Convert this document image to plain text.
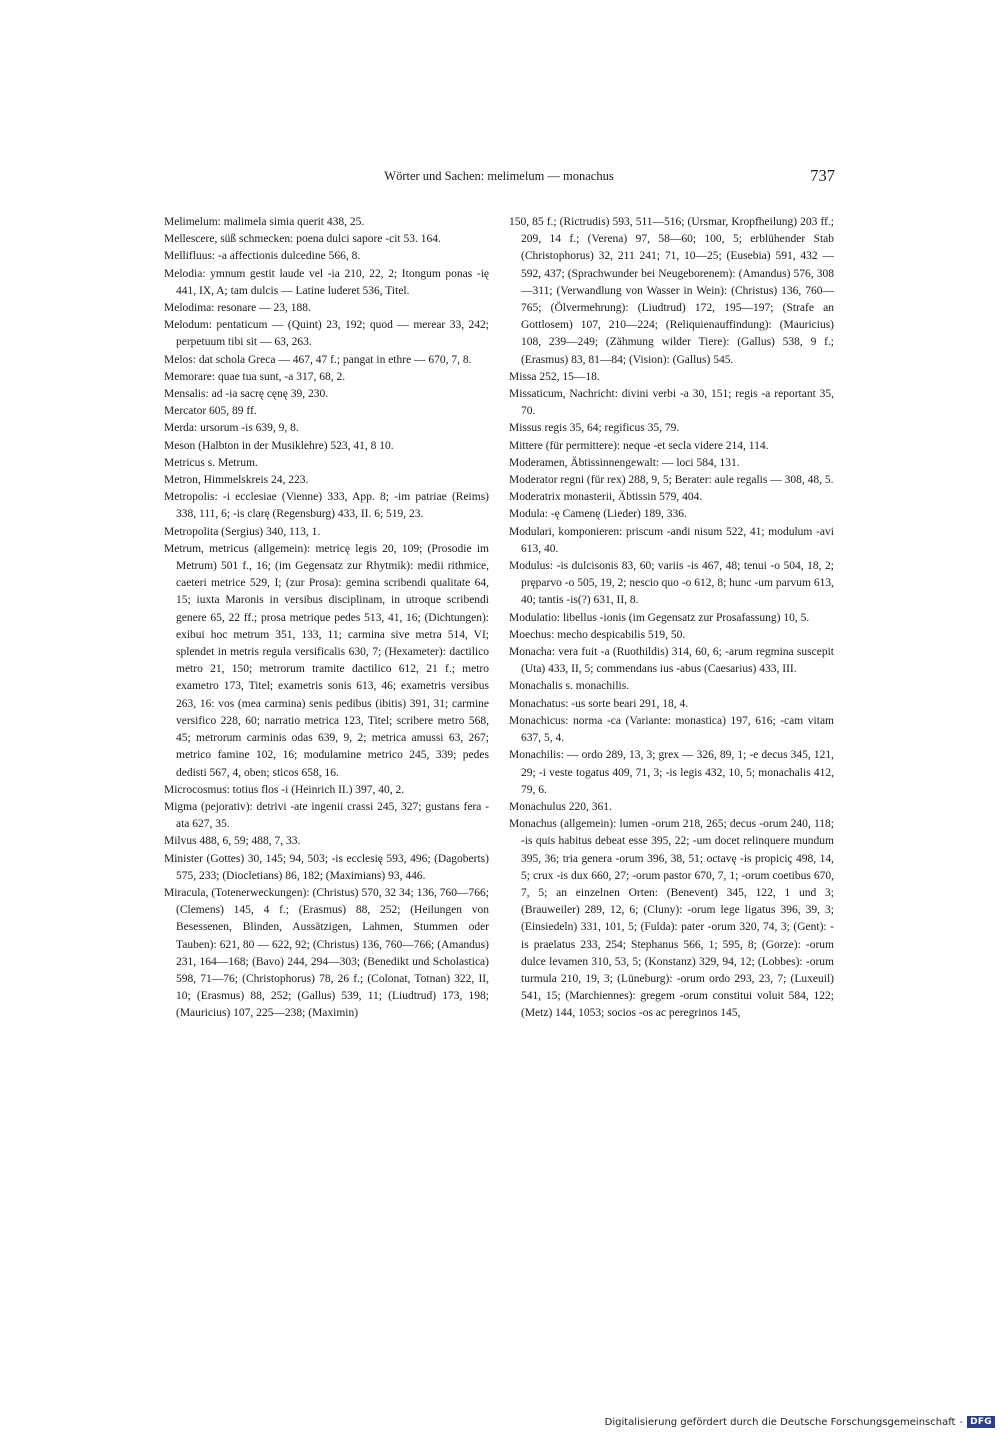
Wörter und Sachen: melimelum — monachus	737

Melimelum: malimela simia querit 438, 25.

Mellescere, süß schmecken: poena dulci sapore -cit 53. 164.

Mellifluus: -a affectionis dulcedine 566, 8.

Melodia: ymnum gestit laude vel -ia 210, 22, 2; Itongum ponas -ię 441, IX, A; tam dulcis — Latine luderet 536, Titel.

Melodima: resonare — 23, 188.

Melodum: pentaticum — (Quint) 23, 192; quod — merear 33, 242; perpetuum tibi sit — 63, 263.

Melos: dat schola Greca — 467, 47 f.; pangat in ethre — 670, 7, 8.

Memorare: quae tua sunt, -a 317, 68, 2.

Mensalis: ad -ia sacrę cęnę 39, 230.

Mercator 605, 89 ff.

Merda: ursorum -is 639, 9, 8.

Meson (Halbton in der Musiklehre) 523, 41, 8 10.

Metricus s. Metrum.

Metron, Himmelskreis 24, 223.

Metropolis: -i ecclesiae (Vienne) 333, App. 8; -im patriae (Reims) 338, 111, 6; -is clarę (Regensburg) 433, II. 6; 519, 23.

Metropolita (Sergius) 340, 113, 1.

Metrum, metricus (allgemein): metricę legis 20, 109; (Prosodie im Metrum) 501 f., 16; (im Gegensatz zur Rhytmik): medii rithmice, caeteri metrice 529, I; (zur Prosa): gemina scribendi qualitate 64, 15; iuxta Maronis in versibus disciplinam, in utroque scribendi genere 65, 22 ff.; prosa metrique pedes 513, 41, 16; (Dichtungen): exibui hoc metrum 351, 133, 11; carmina sive metra 514, VI; splendet in metris regula versificalis 630, 7; (Hexameter): dactilico metro 21, 150; metrorum tramite dactilico 612, 21 f.; metro exametro 173, Titel; exametris sonis 613, 46; exametris versibus 263, 16: vos (mea carmina) senis pedibus (ibitis) 391, 31; carmine versifico 228, 60; narratio metrica 123, Titel; scribere metro 568, 45; metrorum carminis odas 639, 9, 2; metrica amussi 63, 267; metrico famine 102, 16; modulamine metrico 245, 339; pedes dedisti 567, 4, oben; sticos 658, 16.

Microcosmus: totius flos -i (Heinrich II.) 397, 40, 2.

Migma (pejorativ): detrivi -ate ingenii crassi 245, 327; gustans fera -ata 627, 35.

Milvus 488, 6, 59; 488, 7, 33.

Minister (Gottes) 30, 145; 94, 503; -is ecclesię 593, 496; (Dagoberts) 575, 233; (Diocletians) 86, 182; (Maximians) 93, 446.

Miracula, (Totenerweckungen): (Christus) 570, 32 34; 136, 760—766; (Clemens) 145, 4 f.; (Erasmus) 88, 252; (Heilungen von Besessenen, Blinden, Aussätzigen, Lahmen, Stummen oder Tauben): 621, 80 — 622, 92; (Christus) 136, 760—766; (Amandus) 231, 164—168; (Bavo) 244, 294—303; (Benedikt und Scholastica) 598, 71—76; (Christophorus) 78, 26 f.; (Colonat, Totnan) 322, II, 10; (Erasmus) 88, 252; (Gallus) 539, 11; (Liudtrud) 173, 198; (Mauricius) 107, 225—238; (Maximin)

150, 85 f.; (Rictrudis) 593, 511—516; (Ursmar, Kropfheilung) 203 ff.; 209, 14 f.; (Verena) 97, 58—60; 100, 5; erblühender Stab (Christophorus) 32, 211 241; 71, 10—25; (Eusebia) 591, 432 — 592, 437; (Sprachwunder bei Neugeborenem): (Amandus) 576, 308—311; (Verwandlung von Wasser in Wein): (Christus) 136, 760—765; (Ölvermehrung): (Liudtrud) 172, 195—197; (Strafe an Gottlosem) 107, 210—224; (Reliquienauffindung): (Mauricius) 108, 239—249; (Zähmung wilder Tiere): (Gallus) 538, 9 f.; (Erasmus) 83, 81—84; (Vision): (Gallus) 545.

Missa 252, 15—18.

Missaticum, Nachricht: divini verbi -a 30, 151; regis -a reportant 35, 70.

Missus regis 35, 64; regificus 35, 79.

Mittere (für permittere): neque -et secla videre 214, 114.

Moderamen, Äbtissinnengewalt: — loci 584, 131.

Moderator regni (für rex) 288, 9, 5; Berater: aule regalis — 308, 48, 5.

Moderatrix monasterii, Äbtissin 579, 404.

Modula: -ę Camenę (Lieder) 189, 336.

Modulari, komponieren: priscum -andi nisum 522, 41; modulum -avi 613, 40.

Modulus: -is dulcisonis 83, 60; variis -is 467, 48; tenui -o 504, 18, 2; pręparvo -o 505, 19, 2; nescio quo -o 612, 8; hunc -um parvum 613, 40; tantis -is(?) 631, II, 8.

Modulatio: libellus -ionis (im Gegensatz zur Prosafassung) 10, 5.

Moechus: mecho despicabilis 519, 50.

Monacha: vera fuit -a (Ruothildis) 314, 60, 6; -arum regmina suscepit (Uta) 433, II, 5; commendans ius -abus (Caesarius) 433, III.

Monachalis s. monachilis.

Monachatus: -us sorte beari 291, 18, 4.

Monachicus: norma -ca (Variante: monastica) 197, 616; -cam vitam 637, 5, 4.

Monachilis: — ordo 289, 13, 3; grex — 326, 89, 1; -e decus 345, 121, 29; -i veste togatus 409, 71, 3; -is legis 432, 10, 5; monachalis 412, 79, 6.

Monachulus 220, 361.

Monachus (allgemein): lumen -orum 218, 265; decus -orum 240, 118; -is quis habitus debeat esse 395, 22; -um docet relinquere mundum 395, 36; tria genera -orum 396, 38, 51; octavę -is propiciç 498, 14, 5; crux -is dux 660, 27; -orum pastor 670, 7, 1; -orum coetibus 670, 7, 5; an einzelnen Orten: (Benevent) 345, 122, 1 und 3; (Brauweiler) 289, 12, 6; (Cluny): -orum lege ligatus 396, 39, 3; (Einsiedeln) 331, 101, 5; (Fulda): pater -orum 320, 74, 3; (Gent): -is praelatus 233, 254; Stephanus 566, 1; 595, 8; (Gorze): -orum dulce levamen 310, 53, 5; (Konstanz) 329, 94, 12; (Lobbes): -orum turmula 210, 19, 3; (Lüneburg): -orum ordo 293, 23, 7; (Luxeuil) 541, 15; (Marchiennes): gregem -orum constitui voluit 584, 122; (Metz) 144, 1053; socios -os ac peregrinos 145,

Digitalisierung gefördert durch die Deutsche Forschungsgemeinschaft - DFG
